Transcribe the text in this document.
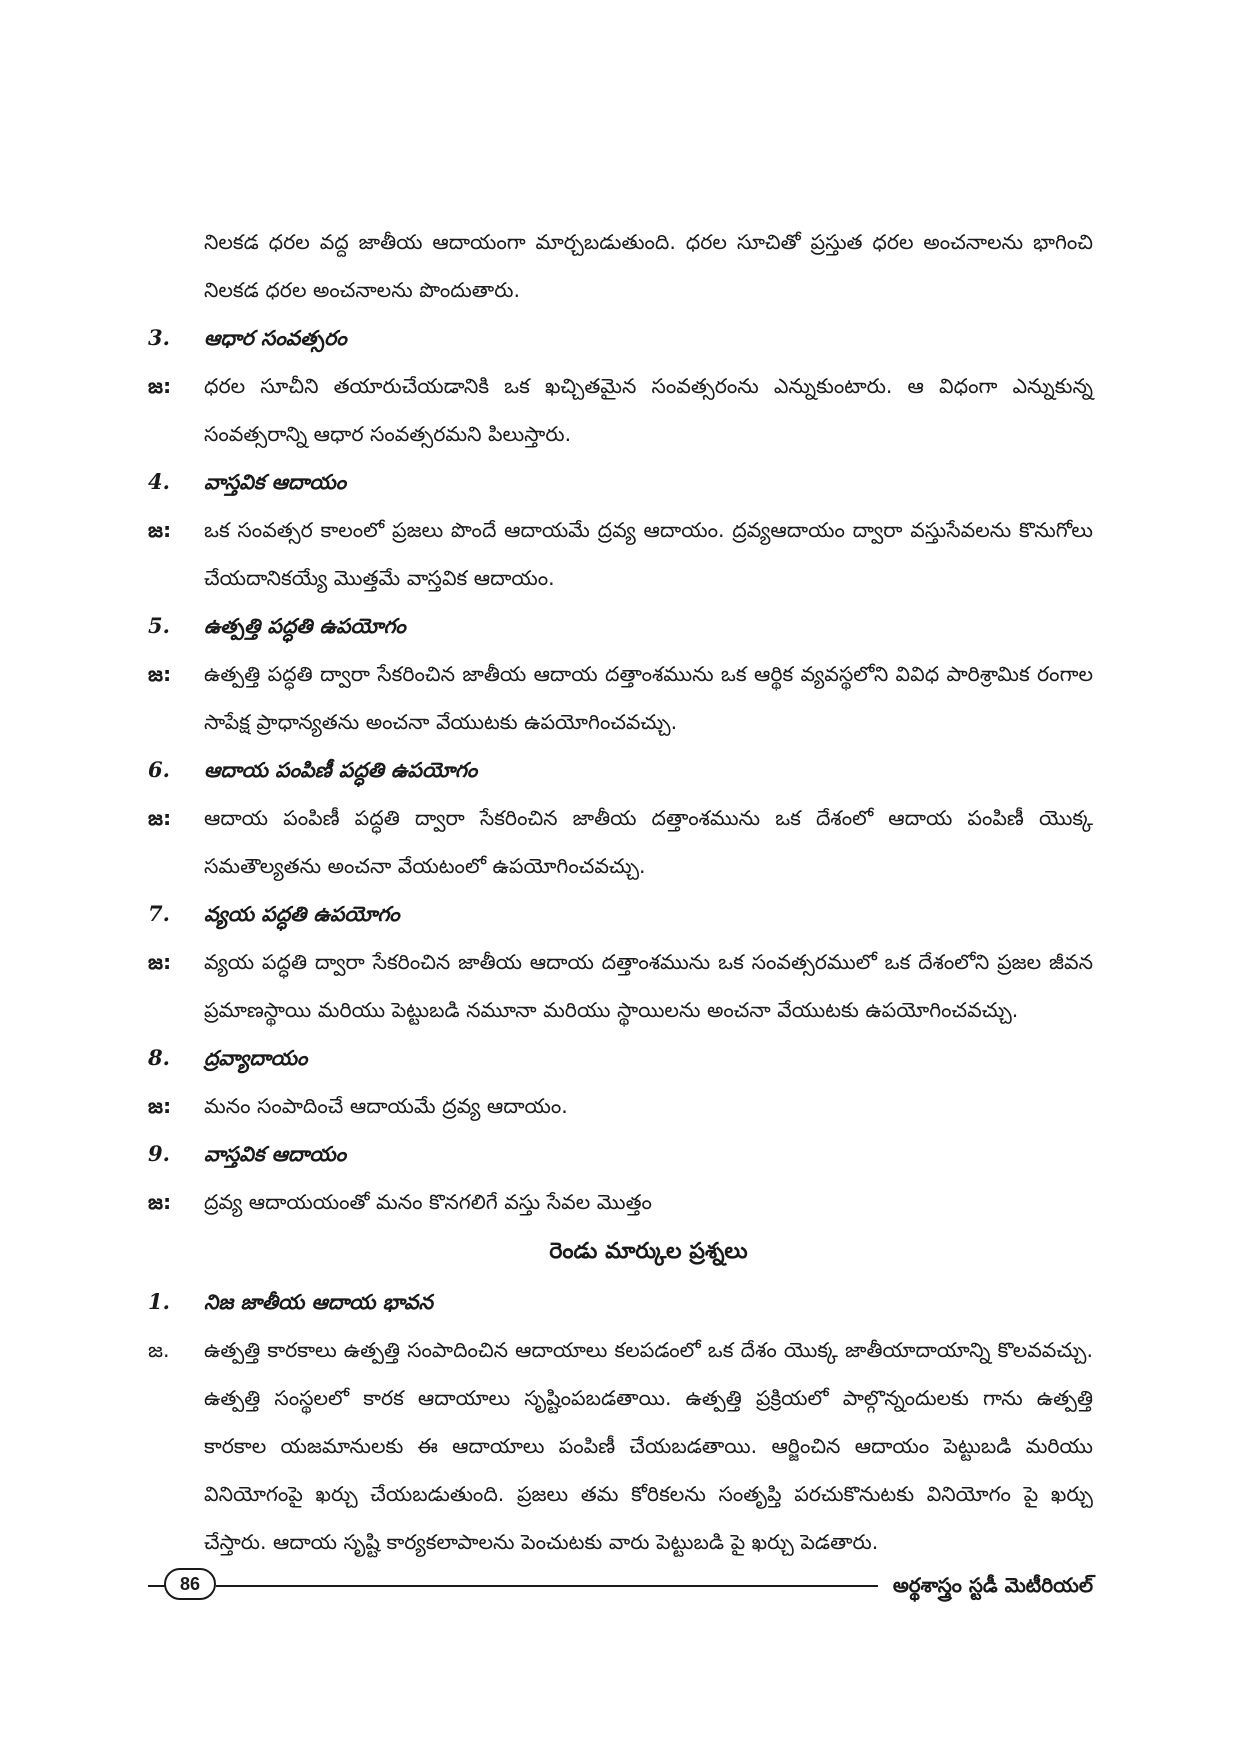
నిలకడ ధరల వద్ద జాతీయ ఆదాయంగా మార్చబడుతుంది. ధరల సూచితో ప్రస్తుత ధరల అంచనాలను భాగించి నిలకడ ధరల అంచనాలను పొందుతారు.

3.	ఆధార సంవత్సరం
జ:	ధరల సూచీని తయారుచేయడానికి ఒక ఖచ్చితమైన సంవత్సరంను ఎన్నుకుంటారు. ఆ విధంగా ఎన్నుకున్న సంవత్సరాన్ని ఆధార సంవత్సరమని పిలుస్తారు.
4.	వాస్తవిక ఆదాయం
జ:	ఒక సంవత్సర కాలంలో ప్రజలు పొందే ఆదాయమే ద్రవ్య ఆదాయం. ద్రవ్యఆదాయం ద్వారా వస్తుసేవలను కొనుగోలు చేయదానికయ్యే మొత్తమే వాస్తవిక ఆదాయం.
5.	ఉత్పత్తి పద్ధతి ఉపయోగం
జ:	ఉత్పత్తి పద్ధతి ద్వారా సేకరించిన జాతీయ ఆదాయ దత్తాంశమును ఒక ఆర్థిక వ్యవస్థలోని వివిధ పారిశ్రామిక రంగాల సాపేక్ష ప్రాధాన్యతను అంచనా వేయుటకు ఉపయోగించవచ్చు.
6.	ఆదాయ పంపిణీ పద్ధతి ఉపయోగం
జ:	ఆదాయ పంపిణీ పద్ధతి ద్వారా సేకరించిన జాతీయ దత్తాంశమును ఒక దేశంలో ఆదాయ పంపిణీ యొక్క సమతౌల్యతను అంచనా వేయటంలో ఉపయోగించవచ్చు.
7.	వ్యయ పద్ధతి ఉపయోగం
జ:	వ్యయ పద్ధతి ద్వారా సేకరించిన జాతీయ ఆదాయ దత్తాంశమును ఒక సంవత్సరములో ఒక దేశంలోని ప్రజల జీవన ప్రమాణస్థాయి మరియు పెట్టుబడి నమూనా మరియు స్థాయిలను అంచనా వేయుటకు ఉపయోగించవచ్చు.
8.	ద్రవ్యాదాయం
జ:	మనం సంపాదించే ఆదాయమే ద్రవ్య ఆదాయం.
9.	వాస్తవిక ఆదాయం
జ:	ద్రవ్య ఆదాయయంతో మనం కొనగలిగే వస్తు సేవల మొత్తం
రెండు మార్కుల ప్రశ్నలు
1.	నిజ జాతీయ ఆదాయ భావన
జ.	ఉత్పత్తి కారకాలు ఉత్పత్తి సంపాదించిన ఆదాయాలు కలపడంలో ఒక దేశం యొక్క జాతీయాదాయాన్ని కొలవవచ్చు. ఉత్పత్తి సంస్థలలో కారక ఆదాయాలు సృష్టింపబడతాయి. ఉత్పత్తి ప్రక్రియలో పాల్గొన్నందులకు గాను ఉత్పత్తి కారకాల యజమానులకు ఈ ఆదాయాలు పంపిణీ చేయబడతాయి. ఆర్జించిన ఆదాయం పెట్టుబడి మరియు వినియోగంపై ఖర్చు చేయబడుతుంది. ప్రజలు తమ కోరికలను సంతృప్తి పరచుకొనుటకు వినియోగం పై ఖర్చు చేస్తారు. ఆదాయ సృష్టి కార్యకలాపాలను పెంచుటకు వారు పెట్టుబడి పై ఖర్చు పెడతారు.
86	అర్థశాస్త్రం స్టడీ మెటీరియల్
